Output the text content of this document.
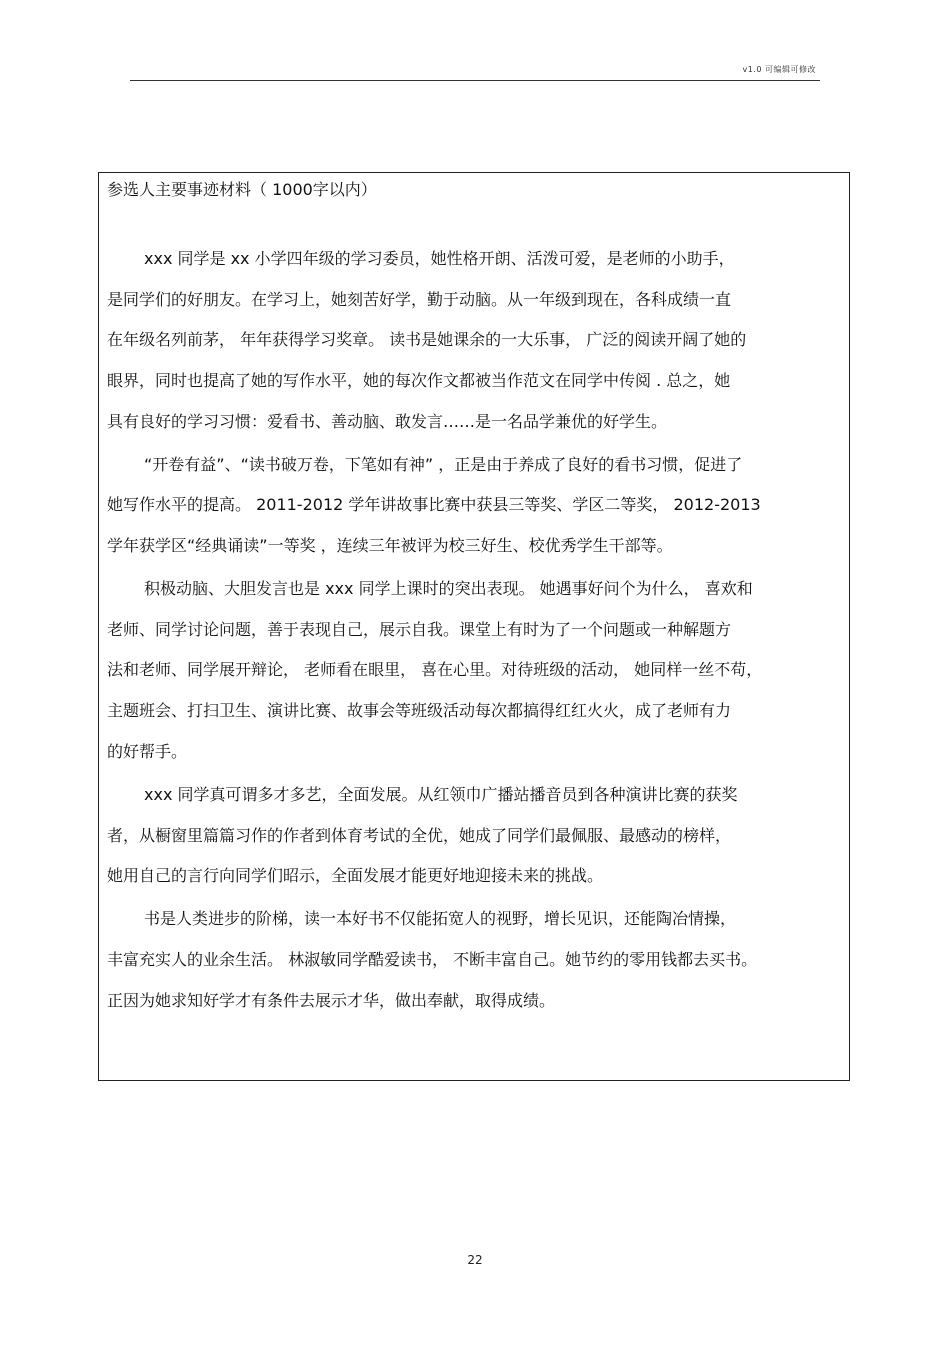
v1.0 可编辑可修改
参选人主要事迹材料（ 1000字以内）
xxx 同学是 xx 小学四年级的学习委员，她性格开朗、活泼可爱，是老师的小助手，
是同学们的好朋友。在学习上，她刻苦好学，勤于动脑。从一年级到现在，各科成绩一直
在年级名列前茅， 年年获得学习奖章。 读书是她课余的一大乐事， 广泛的阅读开阔了她的
眼界，同时也提高了她的写作水平，她的每次作文都被当作范文在同学中传阅 . 总之，她
具有良好的学习习惯：爱看书、善动脑、敢发言……是一名品学兼优的好学生。
“开卷有益”、“读书破万卷，下笔如有神” ，正是由于养成了良好的看书习惯，促进了
她写作水平的提高。 2011-2012 学年讲故事比赛中获县三等奖、学区二等奖， 2012-2013
学年获学区“经典诵读”一等奖 ，连续三年被评为校三好生、校优秀学生干部等。
积极动脑、大胆发言也是 xxx 同学上课时的突出表现。 她遇事好问个为什么， 喜欢和
老师、同学讨论问题，善于表现自己，展示自我。课堂上有时为了一个问题或一种解题方
法和老师、同学展开辩论， 老师看在眼里， 喜在心里。对待班级的活动， 她同样一丝不苟，
主题班会、打扫卫生、演讲比赛、故事会等班级活动每次都搞得红红火火，成了老师有力
的好帮手。
xxx 同学真可谓多才多艺，全面发展。从红领巾广播站播音员到各种演讲比赛的获奖
者，从橱窗里篇篇习作的作者到体育考试的全优，她成了同学们最佩服、最感动的榜样，
她用自己的言行向同学们昭示，全面发展才能更好地迎接未来的挑战。
书是人类进步的阶梯，读一本好书不仅能拓宽人的视野，增长见识，还能陶冶情操，
丰富充实人的业余生活。 林淑敏同学酷爱读书， 不断丰富自己。她节约的零用钱都去买书。
正因为她求知好学才有条件去展示才华，做出奉献，取得成绩。
22
